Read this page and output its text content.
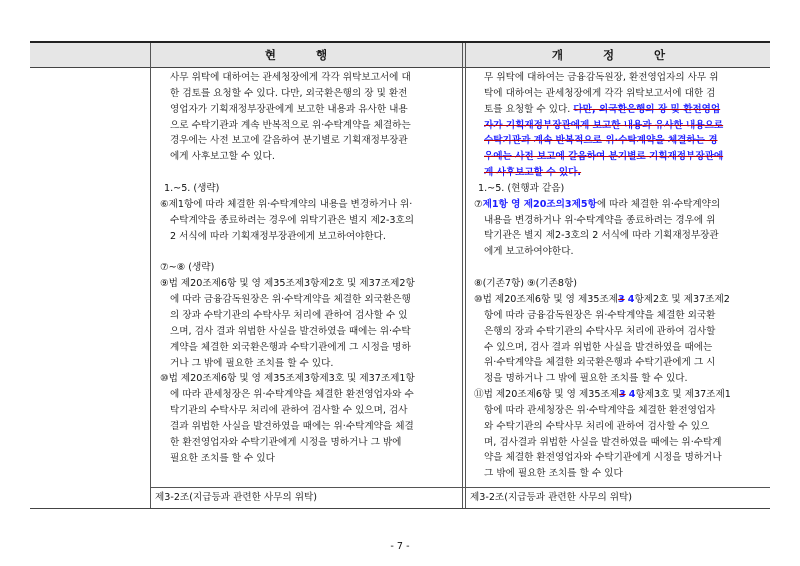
현 행	개 정 안

사무 위탁에 대하여는 관세청장에게 각각 위탁보고서에 대

한 검토를 요청할 수 있다. 다만, 외국환은행의 장 및 환전

영업자가 기획재정부장관에게 보고한 내용과 유사한 내용

으로 수탁기관과 계속 반복적으로 위·수탁계약을 체결하는

경우에는 사전 보고에 갈음하여 분기별로 기획재정부장관

에게 사후보고할 수 있다.

1.~5. (생략)

⑥제1항에 따라 체결한 위·수탁계약의 내용을 변경하거나 위·

수탁계약을 종료하려는 경우에 위탁기관은 별지 제2-3호의

2 서식에 따라 기획재정부장관에게 보고하여야한다.

⑦~⑧ (생략)

⑨법 제20조제6항 및 영 제35조제3항제2호 및 제37조제2항

에 따라 금융감독원장은 위·수탁계약을 체결한 외국환은행

의 장과 수탁기관의 수탁사무 처리에 관하여 검사할 수 있

으며, 검사 결과 위법한 사실을 발견하였을 때에는 위·수탁

계약을 체결한 외국환은행과 수탁기관에게 그 시정을 명하

거나 그 밖에 필요한 조치를 할 수 있다.

⑩법 제20조제6항 및 영 제35조제3항제3호 및 제37조제1항

에 따라 관세청장은 위·수탁계약을 체결한 환전영업자와 수

탁기관의 수탁사무 처리에 관하여 검사할 수 있으며, 검사

결과 위법한 사실을 발견하였을 때에는 위·수탁계약을 체결

한 환전영업자와 수탁기관에게 시정을 명하거나 그 밖에

필요한 조치를 할 수 있다

무 위탁에 대하여는 금융감독원장, 환전영업자의 사무 위

탁에 대하여는 관세청장에게 각각 위탁보고서에 대한 검

토를 요청할 수 있다. 다만, 외국환은행의 장 및 환전영업

자가 기획재정부장관에게 보고한 내용과 유사한 내용으로

수탁기관과 계속 반복적으로 위·수탁계약을 체결하는 경

우에는 사전 보고에 갈음하여 분기별로 기획재정부장관에

게 사후보고할 수 있다.

1.~5. (현행과 같음)

⑦제1항 영 제20조의3제5항에 따라 체결한 위·수탁계약의

내용을 변경하거나 위·수탁계약을 종료하려는 경우에 위

탁기관은 별지 제2-3호의 2 서식에 따라 기획재정부장관

에게 보고하여야한다.

⑧(기존7항) ⑨(기존8항)

⑩법 제20조제6항 및 영 제35조제3 4항제2호 및 제37조제2

항에 따라 금융감독원장은 위·수탁계약을 체결한 외국환

은행의 장과 수탁기관의 수탁사무 처리에 관하여 검사할

수 있으며, 검사 결과 위법한 사실을 발견하였을 때에는

위·수탁계약을 체결한 외국환은행과 수탁기관에게 그 시

정을 명하거나 그 밖에 필요한 조치를 할 수 있다.

⑪법 제20조제6항 및 영 제35조제3 4항제3호 및 제37조제1

항에 따라 관세청장은 위·수탁계약을 체결한 환전영업자

와 수탁기관의 수탁사무 처리에 관하여 검사할 수 있으

며, 검사결과 위법한 사실을 발견하였을 때에는 위·수탁계

약을 체결한 환전영업자와 수탁기관에게 시정을 명하거나

그 밖에 필요한 조치를 할 수 있다

제3-2조(지급등과 관련한 사무의 위탁)	제3-2조(지급등과 관련한 사무의 위탁)
- 7 -
